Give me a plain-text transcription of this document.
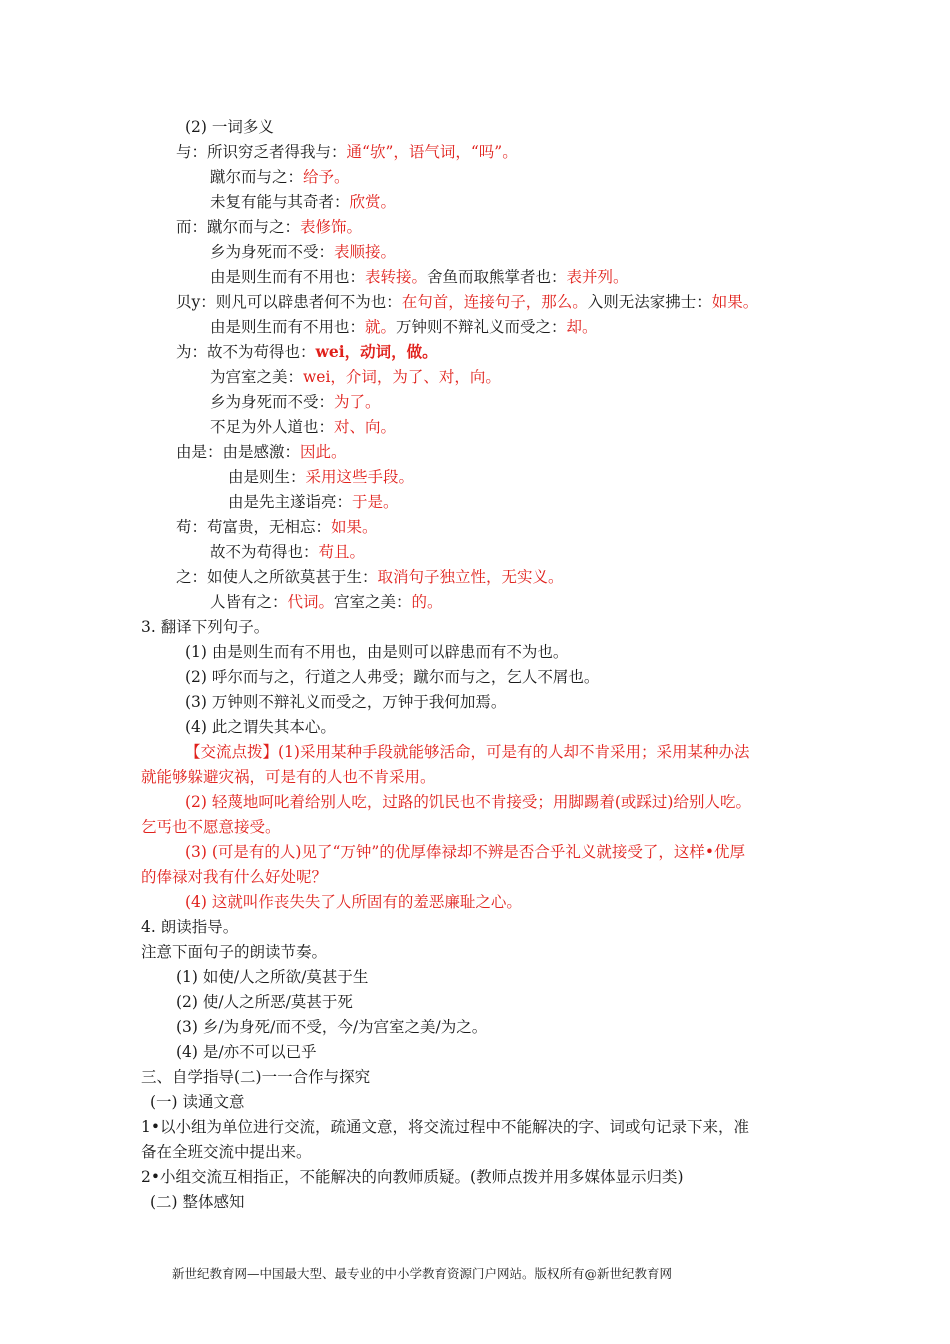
(2) 一词多义
与：所识穷乏者得我与：通“欤”，语气词，“吗”。
蹴尔而与之：给予。
未复有能与其奇者：欣赏。
而：蹴尔而与之：表修饰。
乡为身死而不受：表顺接。
由是则生而有不用也：表转接。舍鱼而取熊掌者也：表并列。
贝y：则凡可以辟患者何不为也：在句首，连接句子，那么。入则无法家拂士：如果。
由是则生而有不用也：就。万钟则不辩礼义而受之：却。
为：故不为苟得也：wei，动词，做。
为宫室之美：wei，介词，为了、对，向。
乡为身死而不受：为了。
不足为外人道也：对、向。
由是：由是感激：因此。
由是则生：采用这些手段。
由是先主遂诣亮：于是。
苟：苟富贵，无相忘：如果。
故不为苟得也：苟且。
之：如使人之所欲莫甚于生：取消句子独立性，无实义。
人皆有之：代词。宫室之美：的。
3. 翻译下列句子。
(1) 由是则生而有不用也，由是则可以辟患而有不为也。
(2) 呼尔而与之，行道之人弗受；蹴尔而与之，乞人不屑也。
(3) 万钟则不辩礼义而受之，万钟于我何加焉。
(4) 此之谓失其本心。
【交流点拨】(1)采用某种手段就能够活命，可是有的人却不肯采用；采用某种办法
就能够躲避灾祸，可是有的人也不肯采用。
(2) 轻蔑地呵叱着给别人吃，过路的饥民也不肯接受；用脚踢着(或踩过)给别人吃。
乞丐也不愿意接受。
(3) (可是有的人)见了“万钟”的优厚俸禄却不辨是否合乎礼义就接受了，这样•优厚
的俸禄对我有什么好处呢？
(4) 这就叫作丧失失了人所固有的羞恶廉耻之心。
4. 朗读指导。
注意下面句子的朗读节奏。
(1) 如使/人之所欲/莫甚于生
(2) 使/人之所恶/莫甚于死
(3) 乡/为身死/而不受，今/为宫室之美/为之。
(4) 是/亦不可以已乎
三、自学指导(二)一一合作与探究
(一) 读通文意
1•以小组为单位进行交流，疏通文意，将交流过程中不能解决的字、词或句记录下来，准
备在全班交流中提出来。
2•小组交流互相指正，不能解决的向教师质疑。(教师点拨并用多媒体显示归类)
(二) 整体感知
新世纪教育网—中国最大型、最专业的中小学教育资源门户网站。版权所有@新世纪教育网
